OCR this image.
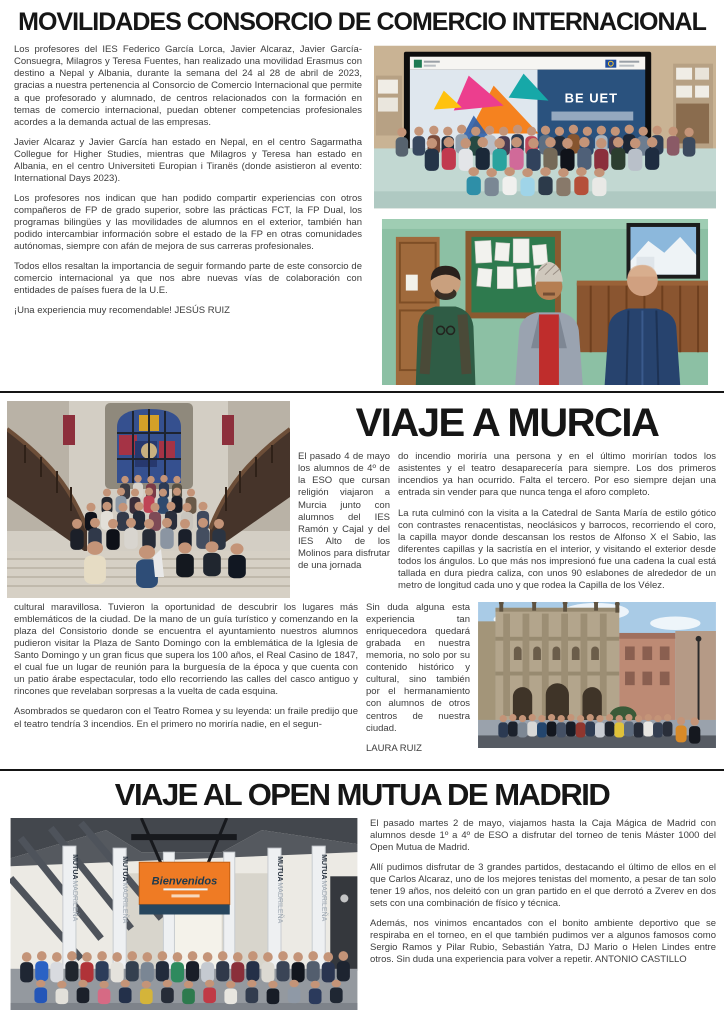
MOVILIDADES CONSORCIO DE COMERCIO INTERNACIONAL

Los profesores del IES Federico García Lorca, Javier Alcaraz, Javier García-Consuegra, Milagros y Teresa Fuentes, han realizado una movilidad Erasmus con destino a Nepal y Albania, durante la semana del 24 al 28 de abril de 2023, gracias a nuestra pertenencia al Consorcio de Comercio Internacional que permite a que profesorado y alumnado, de centros relacionados con la formación en temas de comercio internacional, puedan obtener competencias profesionales acordes a la demanda actual de las empresas.

Javier Alcaraz y Javier García han estado en Nepal, en el centro Sagarmatha Collegue for Higher Studies, mientras que Milagros y Teresa han estado en Albania, en el centro Universiteti Europian i Tiranës (donde asistieron al evento: International Days 2023).

Los profesores nos indican que han podido compartir experiencias con otros compañeros de FP de grado superior, sobre las prácticas FCT, la FP Dual, los programas bilingües y las movilidades de alumnos en el exterior, también han podido intercambiar información sobre el estado de la FP en otras comunidades autónomas, siempre con afán de mejora de sus carreras profesionales.

Todos ellos resaltan la importancia de seguir formando parte de este consorcio de comercio internacional ya que nos abre nuevas vías de colaboración con entidades de países fuera de la U.E.

¡Una experiencia muy recomendable! JESÚS RUIZ

BE UET
VIAJE A MURCIA

El pasado 4 de mayo los alumnos de 4º de la ESO que cursan religión viajaron a Murcia junto con alumnos del IES Ramón y Cajal y del IES Alto de los Molinos para disfrutar de una jornada

do incendio moriría una persona y en el último morirían todos los asistentes y el teatro desaparecería para siempre. Los dos primeros incendios ya han ocurrido. Falta el tercero. Por eso siempre dejan una entrada sin vender para que nunca tenga el aforo completo.

La ruta culminó con la visita a la Catedral de Santa María de estilo gótico con contrastes renacentistas, neoclásicos y barrocos, recorriendo el coro, la capilla mayor donde descansan los restos de Alfonso X el Sabio, las diferentes capillas y la sacristía en el interior, y visitando el exterior desde todos los ángulos. Lo que más nos impresionó fue una cadena la cual está tallada en dura piedra caliza, con unos 90 eslabones de alrededor de un metro de longitud cada uno y que rodea la Capilla de los Vélez.

cultural maravillosa. Tuvieron la oportunidad de descubrir los lugares más emblemáticos de la ciudad. De la mano de un guía turístico y comenzando en la plaza del Consistorio donde se encuentra el ayuntamiento nuestros alumnos pudieron visitar la Plaza de Santo Domingo con la emblemática de la Iglesia de Santo Domingo y un gran ficus que supera los 100 años, el Real Casino de 1847, el cual fue un lugar de reunión para la burguesía de la época y que cuenta con un patio árabe espectacular, todo ello recorriendo las calles del casco antiguo y rincones que revelaban sorpresas a la vuelta de cada esquina.

Asombrados se quedaron con el Teatro Romea y su leyenda: un fraile predijo que el teatro tendría 3 incendios. En el primero no moriría nadie, en el segun-

Sin duda alguna esta experiencia tan enriquecedora quedará grabada en nuestra memoria, no solo por su contenido histórico y cultural, sino también por el hermanamiento con alumnos de otros centros de nuestra ciudad.

LAURA RUIZ

VIAJE AL OPEN MUTUA DE MADRID
MUTUA
MADRILEÑA
MUTUA
MADRILEÑA
MUTUA
MADRILEÑA
MUTUA
MADRILEÑA
Bienvenidos

El pasado martes 2 de mayo, viajamos hasta la Caja Mágica de Madrid con alumnos desde 1º a 4º de ESO a disfrutar del torneo de tenis Máster 1000 del Open Mutua de Madrid.

Allí pudimos disfrutar de 3 grandes partidos, destacando el último de ellos en el que Carlos Alcaraz, uno de los mejores tenistas del momento, a pesar de tan solo tener 19 años, nos deleitó con un gran partido en el que derrotó a Zverev en dos sets con una combinación de físico y técnica.

Además, nos vinimos encantados con el bonito ambiente deportivo que se respiraba en el torneo, en el que también pudimos ver a algunos famosos como Sergio Ramos y Pilar Rubio, Sebastián Yatra, DJ Mario o Helen Lindes entre otros. Sin duda una experiencia para volver a repetir. ANTONIO CASTILLO
